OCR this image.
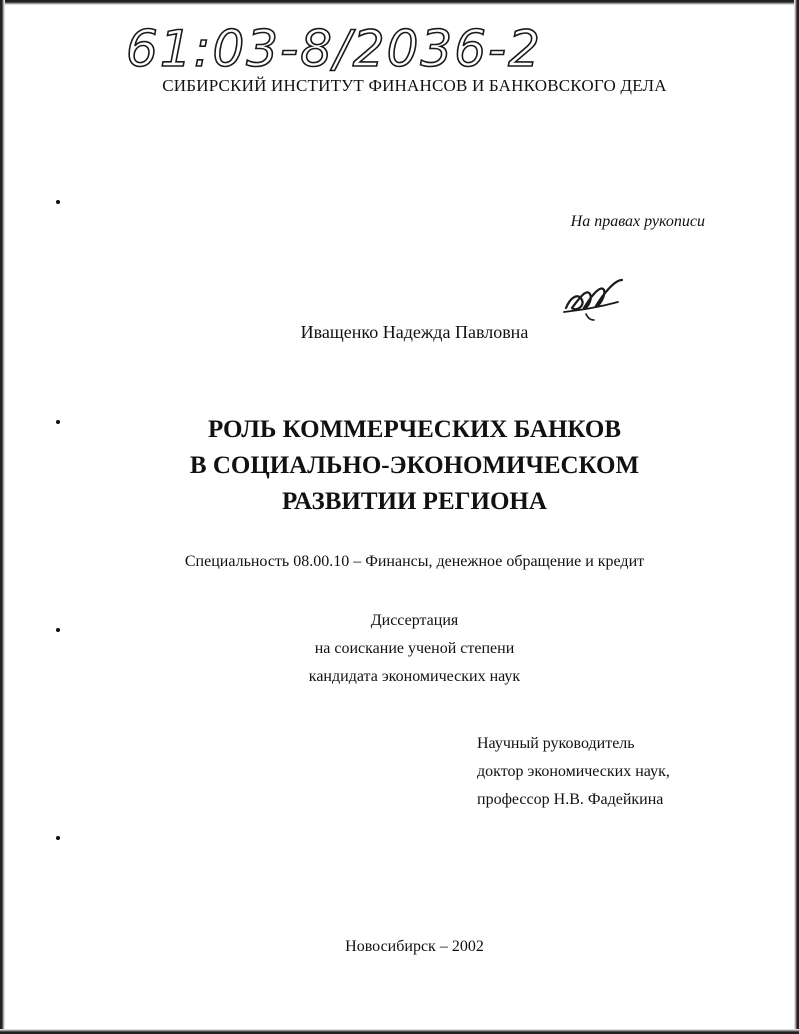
61:03-8/2036-2
СИБИРСКИЙ ИНСТИТУТ ФИНАНСОВ И БАНКОВСКОГО ДЕЛА
На правах рукописи
Иващенко Надежда Павловна
РОЛЬ КОММЕРЧЕСКИХ БАНКОВ
В СОЦИАЛЬНО-ЭКОНОМИЧЕСКОМ
РАЗВИТИИ РЕГИОНА
Специальность 08.00.10 – Финансы, денежное обращение и кредит
Диссертация
на соискание ученой степени
кандидата экономических наук
Научный руководитель
доктор экономических наук,
профессор Н.В. Фадейкина
Новосибирск – 2002
